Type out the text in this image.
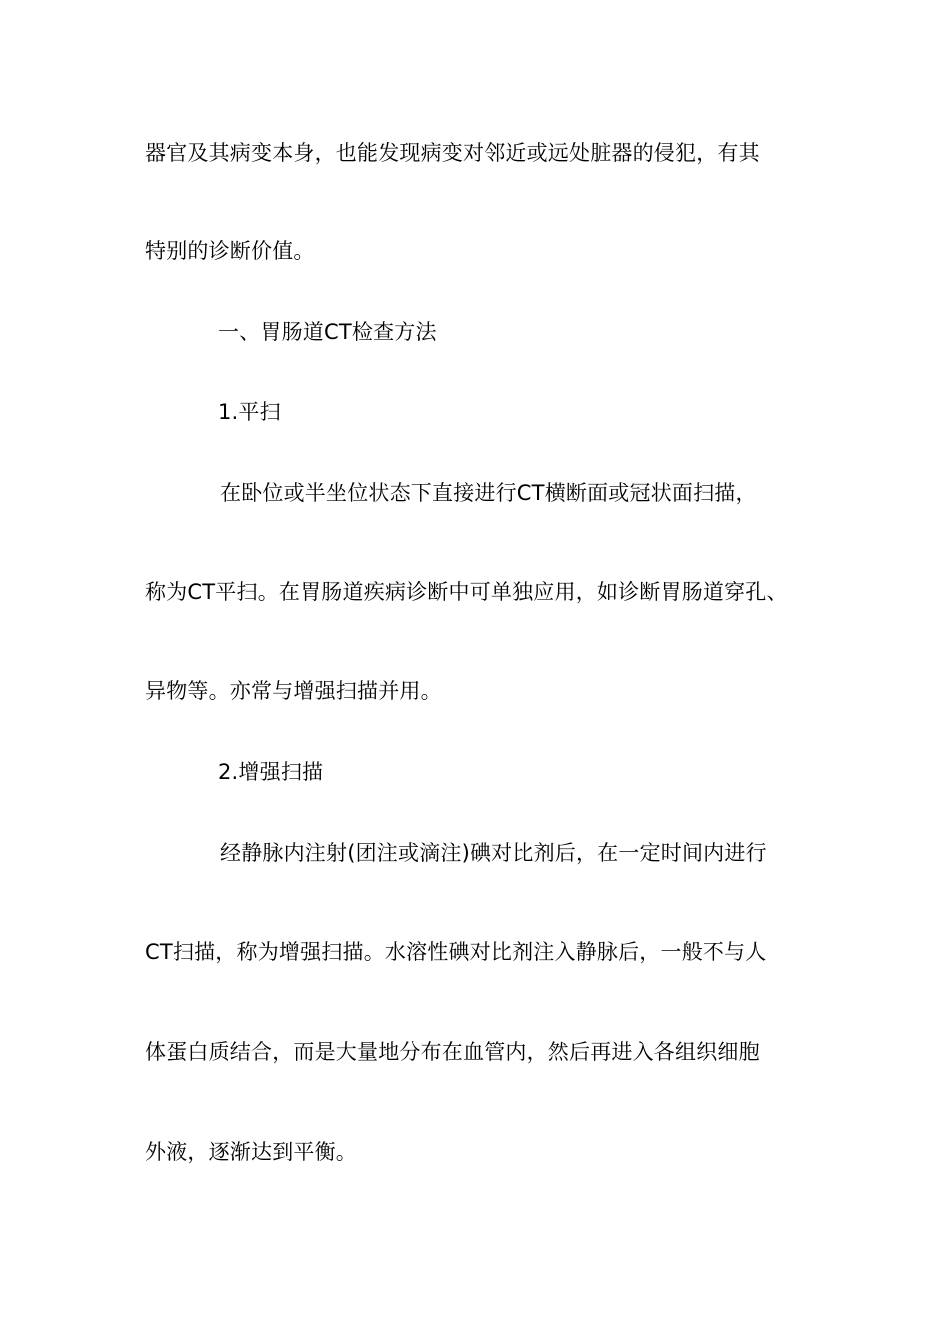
器官及其病变本身，也能发现病变对邻近或远处脏器的侵犯，有其
特别的诊断价值。
一、胃肠道CT检查方法
1.平扫
在卧位或半坐位状态下直接进行CT横断面或冠状面扫描，
称为CT平扫。在胃肠道疾病诊断中可单独应用，如诊断胃肠道穿孔、
异物等。亦常与增强扫描并用。
2.增强扫描
经静脉内注射(团注或滴注)碘对比剂后，在一定时间内进行
CT扫描，称为增强扫描。水溶性碘对比剂注入静脉后，一般不与人
体蛋白质结合，而是大量地分布在血管内，然后再进入各组织细胞
外液，逐渐达到平衡。
